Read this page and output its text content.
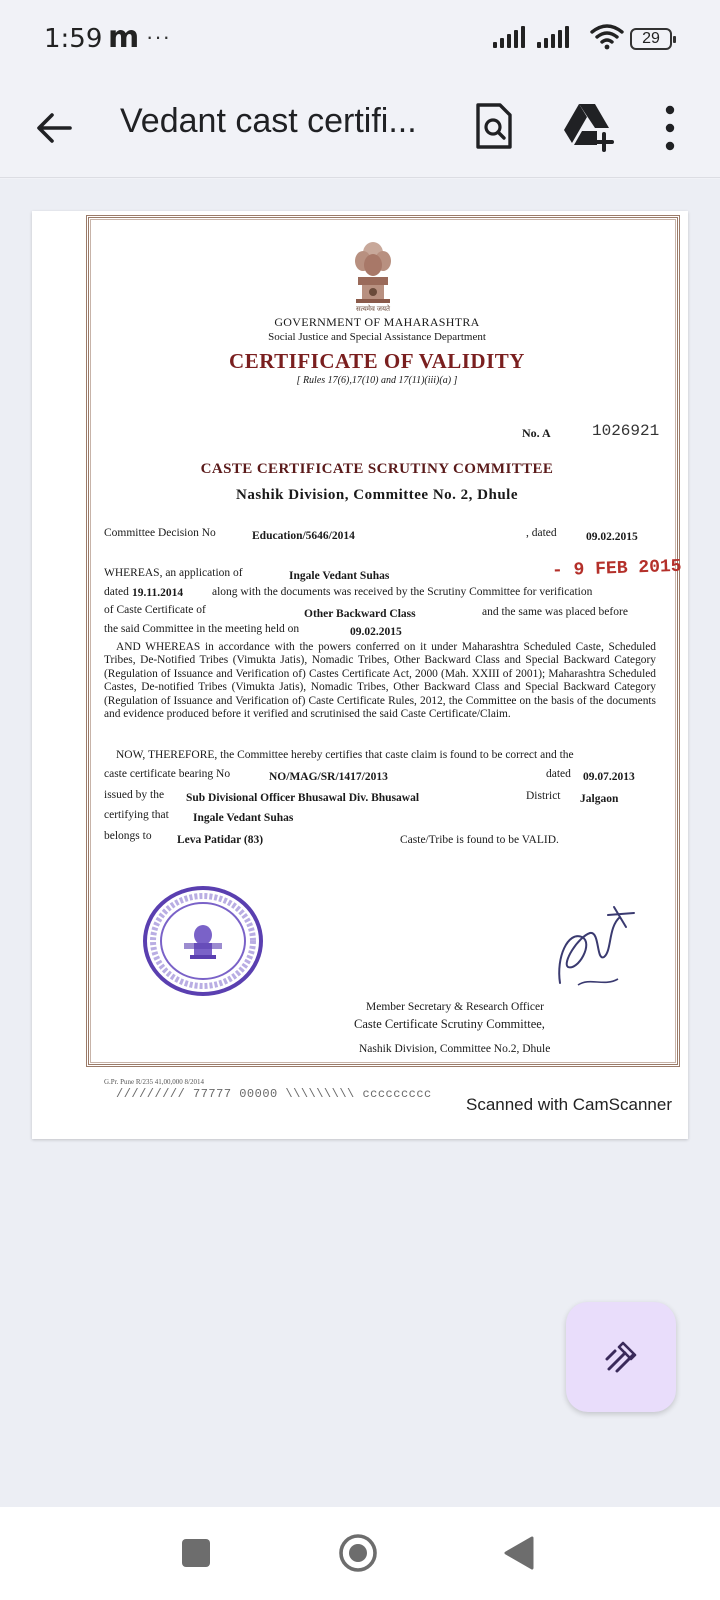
1:59 m ···	29
Vedant cast certifi...
सत्यमेव जयते
GOVERNMENT OF MAHARASHTRA
Social Justice and Special Assistance Department
CERTIFICATE OF VALIDITY
[ Rules 17(6),17(10) and 17(11)(iii)(a) ]
No. A	1026921
CASTE CERTIFICATE SCRUTINY COMMITTEE
Nashik Division, Committee No. 2, Dhule
Committee Decision No	Education/5646/2014	, dated	09.02.2015
- 9 FEB 2015
WHEREAS, an application of	Ingale Vedant Suhas
dated 19.11.2014	along with the documents was received by the Scrutiny Committee for verification
of Caste Certificate of	Other Backward Class	and the same was placed before
the said Committee in the meeting held on	09.02.2015
AND WHEREAS in accordance with the powers conferred on it under Maharashtra Scheduled Caste, Scheduled Tribes, De-Notified Tribes (Vimukta Jatis), Nomadic Tribes, Other Backward Class and Special Backward Category (Regulation of Issuance and Verification of) Castes Certificate Act, 2000 (Mah. XXIII of 2001); Maharashtra Scheduled Castes, De-notified Tribes (Vimukta Jatis), Nomadic Tribes, Other Backward Class and Special Backward Category (Regulation of Issuance and Verification of) Caste Certificate Rules, 2012, the Committee on the basis of the documents and evidence produced before it verified and scrutinised the said Caste Certificate/Claim.
NOW, THEREFORE, the Committee hereby certifies that caste claim is found to be correct and the
caste certificate bearing No	NO/MAG/SR/1417/2013	dated 09.07.2013
issued by the Sub Divisional Officer Bhusawal Div. Bhusawal	District Jalgaon
certifying that Ingale Vedant Suhas
belongs to Leva Patidar (83)	Caste/Tribe is found to be VALID.
Member Secretary & Research Officer
Caste Certificate Scrutiny Committee,
Nashik Division, Committee No.2, Dhule
G.Pr. Pune R/235 41,00,000 8/2014
///////// 77777 00000 \\\\\\\\\ ccccccccc
Scanned with CamScanner
